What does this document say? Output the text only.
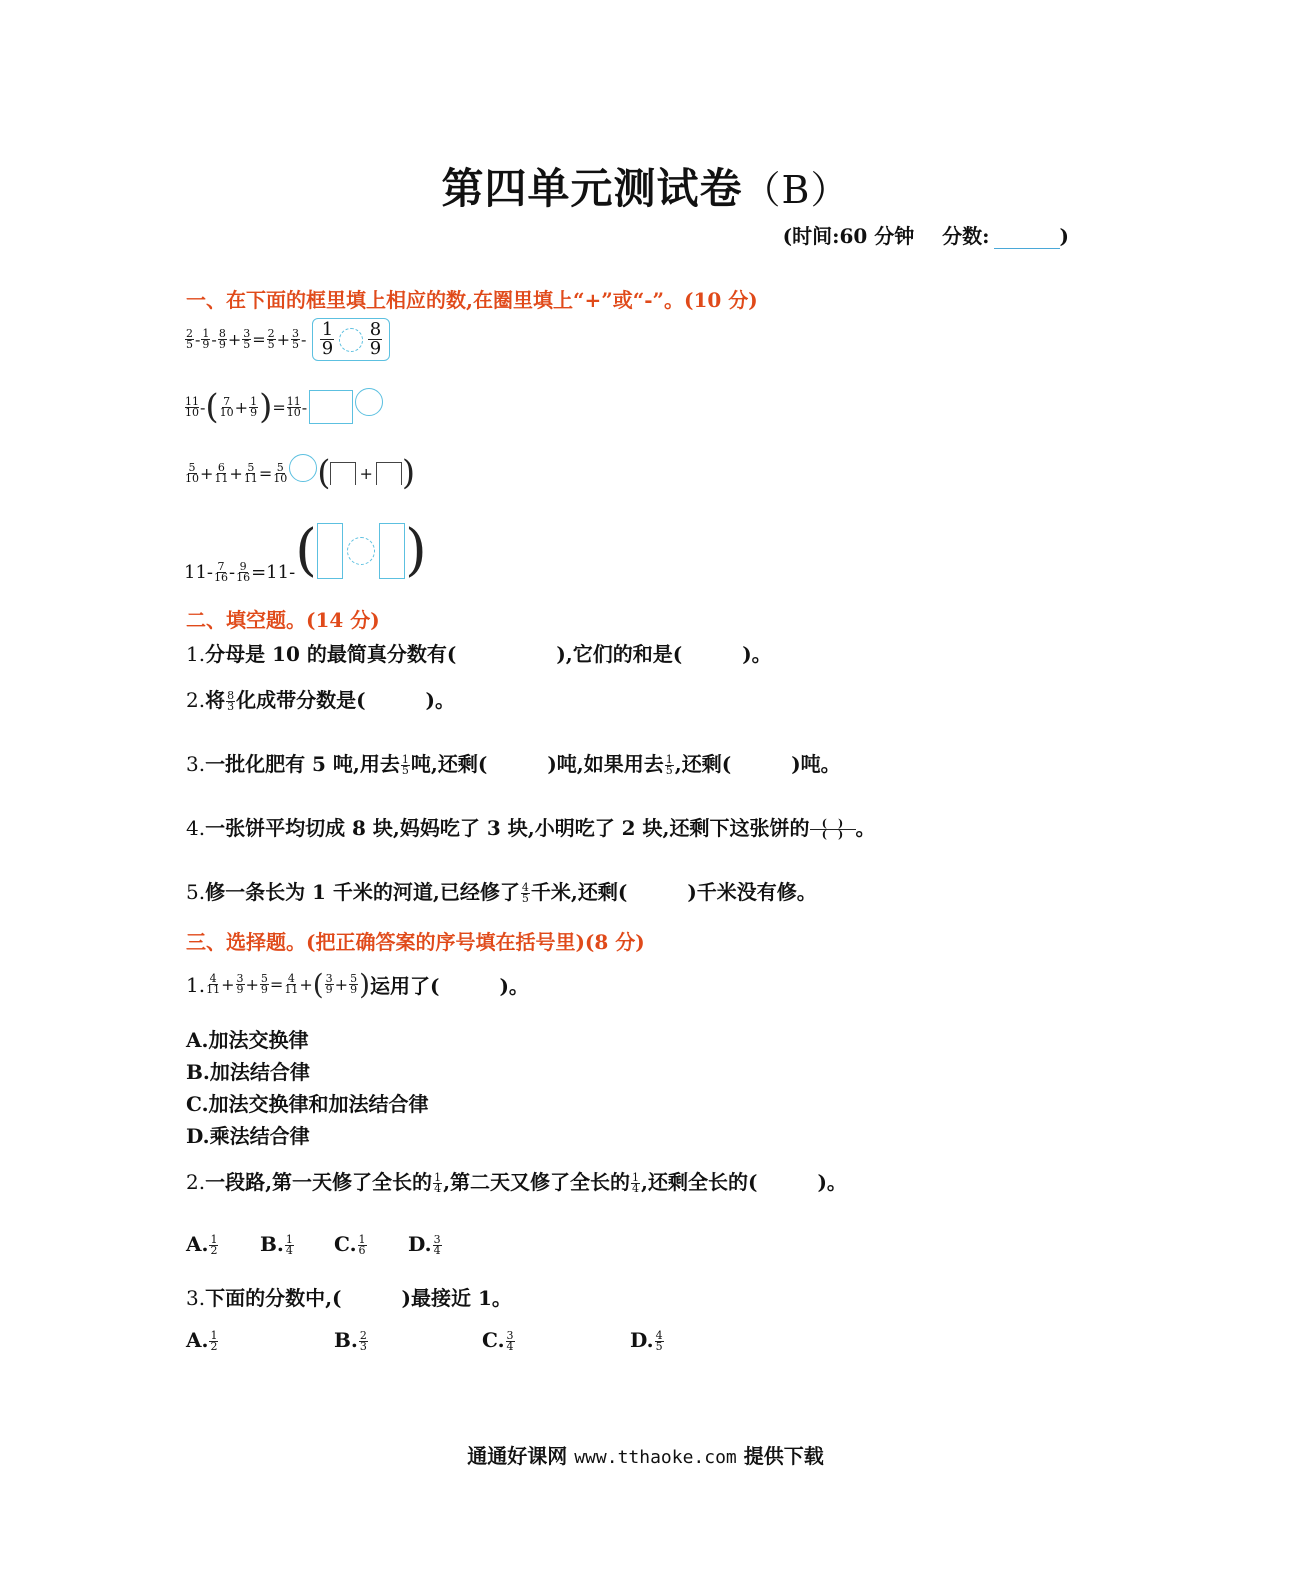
第四单元测试卷（B）
(时间:60 分钟 分数:	)
一、在下面的框里填上相应的数,在圈里填上“+”或“-”。(10 分)
2
5 - 1
9 - 8
9 + 3
5 = 2
5 + 3
5 - 1
9
8
9
11
10 - ( 7
10 + 1
9 ) = 11
10 -
5
10 + 6
11 + 5
11 = 5
10 ( + )
11- 7
16 - 9
16 =11- ( )
二、填空题。(14 分)
1.分母是 10 的最简真分数有(　　　　　),它们的和是(　　　)。
2.将 $\frac{8}{3}$ 化成带分数是(　　　)。
3.一批化肥有 5 吨,用去 $\frac{1}{5}$ 吨,还剩(　　　)吨,如果用去 $\frac{1}{5}$ ,还剩(　　　)吨。
4.一张饼平均切成 8 块,妈妈吃了 3 块,小明吃了 2 块,还剩下这张饼的 (　)
(　) 。
5.修一条长为 1 千米的河道,已经修了 $\frac{4}{5}$ 千米,还剩(　　　)千米没有修。
三、选择题。(把正确答案的序号填在括号里)(8 分)
1. 4
11 + 3
9 + 5
9 = 4
11 + ( 3
9 + 5
9 ) 运用了(　　　)。
A.加法交换律
B.加法结合律
C.加法交换律和加法结合律
D.乘法结合律
2.一段路,第一天修了全长的 $\frac{1}{4}$ ,第二天又修了全长的 $\frac{1}{4}$ ,还剩全长的(　　　)。
A. $\frac{1}{2} B$. $\frac{1}{4} C$. $\frac{1}{6} D$. $\frac{3}{4}$
3.下面的分数中,(　　　)最接近 1。
A. $\frac{1}{2}$	B. $\frac{2}{3}$	C. $\frac{3}{4}$	D. $\frac{4}{5}$
通通好课网 www.tthaoke.com 提供下载
